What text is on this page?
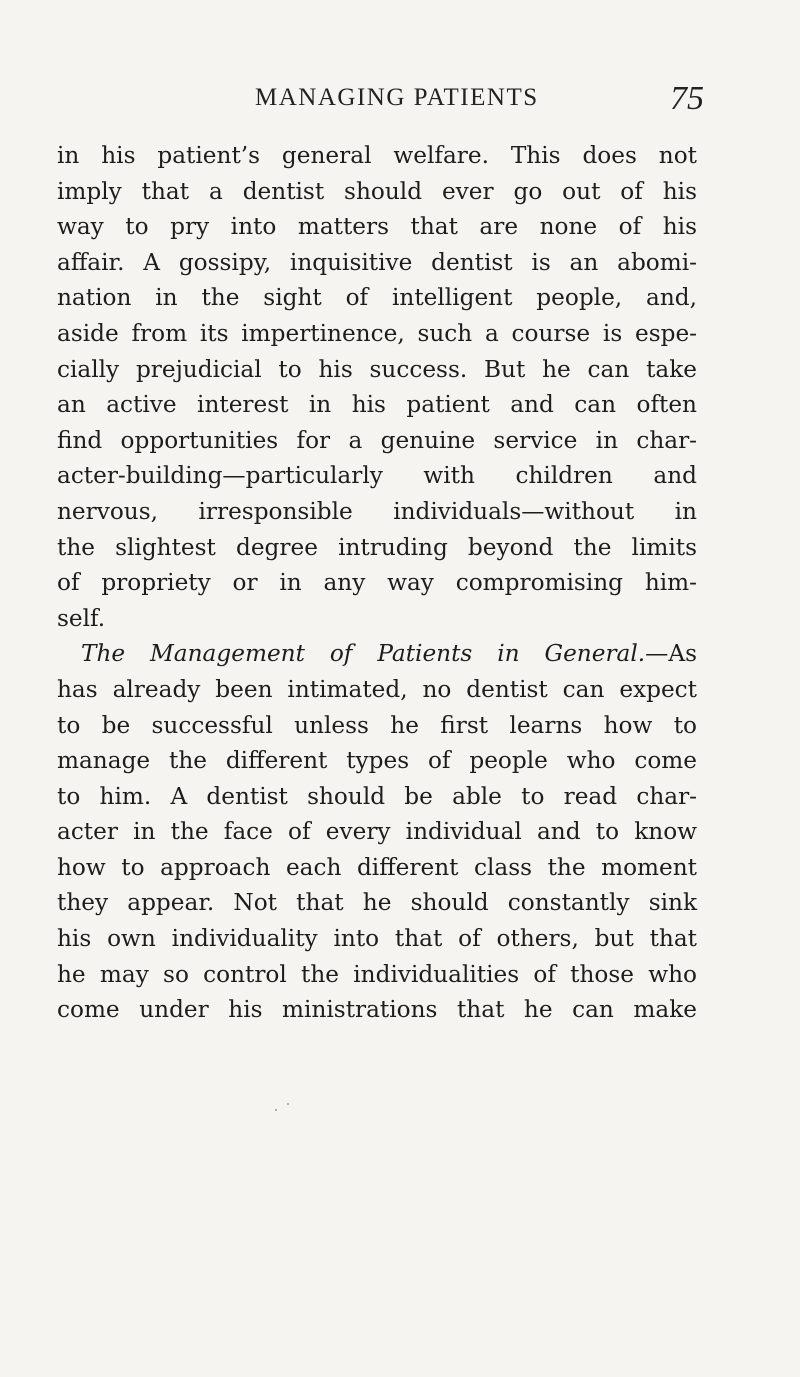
MANAGING PATIENTS	75
in his patient’s general welfare. This does not
imply that a dentist should ever go out of his
way to pry into matters that are none of his
affair. A gossipy, inquisitive dentist is an abomi-
nation in the sight of intelligent people, and,
aside from its impertinence, such a course is espe-
cially prejudicial to his success. But he can take
an active interest in his patient and can often
find opportunities for a genuine service in char-
acter-building—particularly with children and
nervous, irresponsible individuals—without in
the slightest degree intruding beyond the limits
of propriety or in any way compromising him-
self.
The Management of Patients in General.—As
has already been intimated, no dentist can expect
to be successful unless he first learns how to
manage the different types of people who come
to him. A dentist should be able to read char-
acter in the face of every individual and to know
how to approach each different class the moment
they appear. Not that he should constantly sink
his own individuality into that of others, but that
he may so control the individualities of those who
come under his ministrations that he can make
